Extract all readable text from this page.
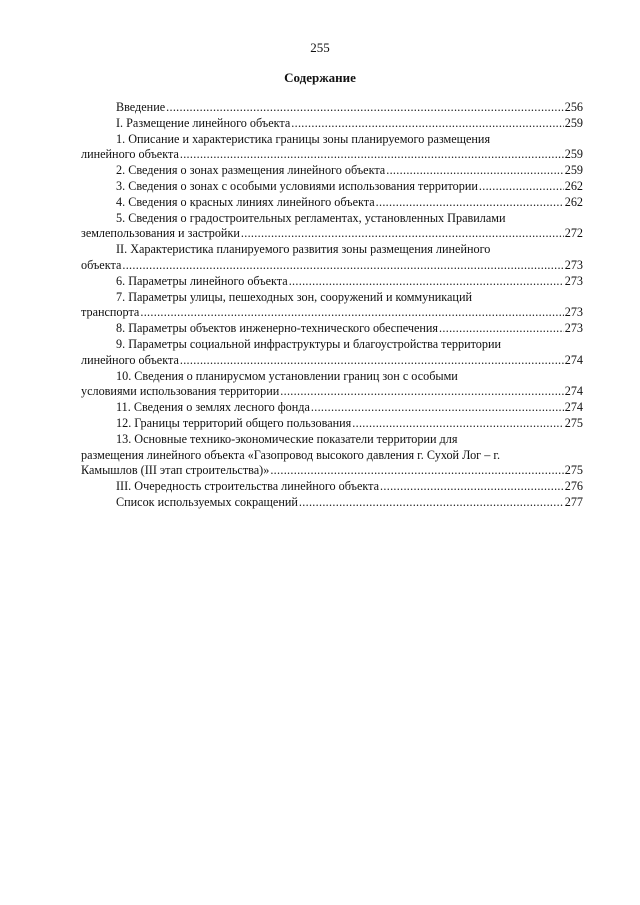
255
Содержание
Введение .....	256
I. Размещение линейного объекта .....	259
1. Описание и характеристика границы зоны планируемого размещения
линейного объекта .....	259
2. Сведения о зонах размещения линейного объекта .....	259
3. Сведения о зонах с особыми условиями использования территории .....	262
4. Сведения о красных линиях линейного объекта .....	262
5. Сведения о градостроительных регламентах, установленных Правилами
землепользования и застройки .....	272
II. Характеристика планируемого развития зоны размещения линейного
объекта .....	273
6. Параметры линейного объекта .....	273
7. Параметры улицы, пешеходных зон, сооружений и коммуникаций
транспорта .....	273
8. Параметры объектов инженерно-технического обеспечения .....	273
9. Параметры социальной инфраструктуры и благоустройства территории
линейного объекта .....	274
10. Сведения о планирусмом установлении границ зон с особыми
условиями использования территории .....	274
11. Сведения о землях лесного фонда .....	274
12. Границы территорий общего пользования .....	275
13. Основные технико-экономические показатели территории для
размещения линейного объекта «Газопровод высокого давления г. Сухой Лог – г.
Камышлов (III этап строительства)» .....	275
III. Очередность строительства линейного объекта .....	276
Список используемых сокращений .....	277
